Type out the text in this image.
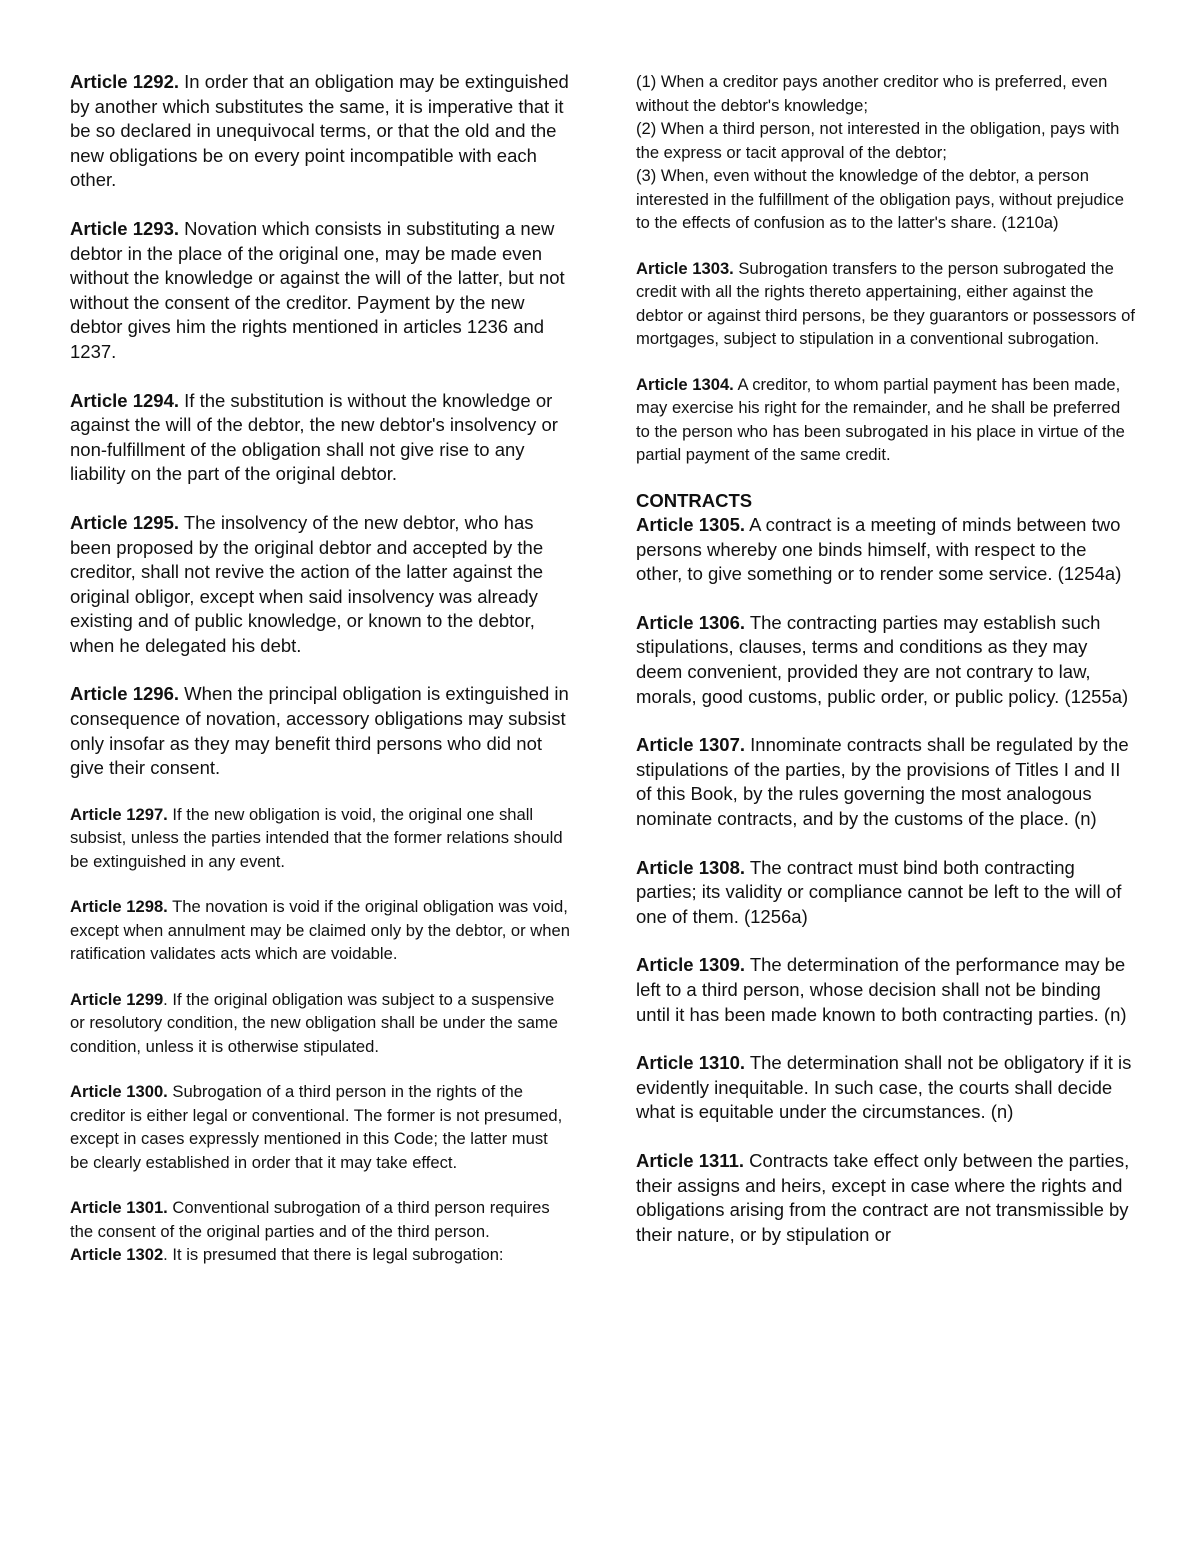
Article 1292. In order that an obligation may be extinguished by another which substitutes the same, it is imperative that it be so declared in unequivocal terms, or that the old and the new obligations be on every point incompatible with each other.

Article 1293. Novation which consists in substituting a new debtor in the place of the original one, may be made even without the knowledge or against the will of the latter, but not without the consent of the creditor. Payment by the new debtor gives him the rights mentioned in articles 1236 and 1237.

Article 1294. If the substitution is without the knowledge or against the will of the debtor, the new debtor's insolvency or non-fulfillment of the obligation shall not give rise to any liability on the part of the original debtor.

Article 1295. The insolvency of the new debtor, who has been proposed by the original debtor and accepted by the creditor, shall not revive the action of the latter against the original obligor, except when said insolvency was already existing and of public knowledge, or known to the debtor, when he delegated his debt.

Article 1296. When the principal obligation is extinguished in consequence of novation, accessory obligations may subsist only insofar as they may benefit third persons who did not give their consent.

Article 1297. If the new obligation is void, the original one shall subsist, unless the parties intended that the former relations should be extinguished in any event.

Article 1298. The novation is void if the original obligation was void, except when annulment may be claimed only by the debtor, or when ratification validates acts which are voidable.

Article 1299. If the original obligation was subject to a suspensive or resolutory condition, the new obligation shall be under the same condition, unless it is otherwise stipulated.

Article 1300. Subrogation of a third person in the rights of the creditor is either legal or conventional. The former is not presumed, except in cases expressly mentioned in this Code; the latter must be clearly established in order that it may take effect.

Article 1301. Conventional subrogation of a third person requires the consent of the original parties and of the third person.

Article 1302. It is presumed that there is legal subrogation:

(1) When a creditor pays another creditor who is preferred, even without the debtor's knowledge;

(2) When a third person, not interested in the obligation, pays with the express or tacit approval of the debtor;

(3) When, even without the knowledge of the debtor, a person interested in the fulfillment of the obligation pays, without prejudice to the effects of confusion as to the latter's share. (1210a)

Article 1303. Subrogation transfers to the person subrogated the credit with all the rights thereto appertaining, either against the debtor or against third persons, be they guarantors or possessors of mortgages, subject to stipulation in a conventional subrogation.

Article 1304. A creditor, to whom partial payment has been made, may exercise his right for the remainder, and he shall be preferred to the person who has been subrogated in his place in virtue of the partial payment of the same credit.

CONTRACTS

Article 1305. A contract is a meeting of minds between two persons whereby one binds himself, with respect to the other, to give something or to render some service. (1254a)

Article 1306. The contracting parties may establish such stipulations, clauses, terms and conditions as they may deem convenient, provided they are not contrary to law, morals, good customs, public order, or public policy. (1255a)

Article 1307. Innominate contracts shall be regulated by the stipulations of the parties, by the provisions of Titles I and II of this Book, by the rules governing the most analogous nominate contracts, and by the customs of the place. (n)

Article 1308. The contract must bind both contracting parties; its validity or compliance cannot be left to the will of one of them. (1256a)

Article 1309. The determination of the performance may be left to a third person, whose decision shall not be binding until it has been made known to both contracting parties. (n)

Article 1310. The determination shall not be obligatory if it is evidently inequitable. In such case, the courts shall decide what is equitable under the circumstances. (n)

Article 1311. Contracts take effect only between the parties, their assigns and heirs, except in case where the rights and obligations arising from the contract are not transmissible by their nature, or by stipulation or
